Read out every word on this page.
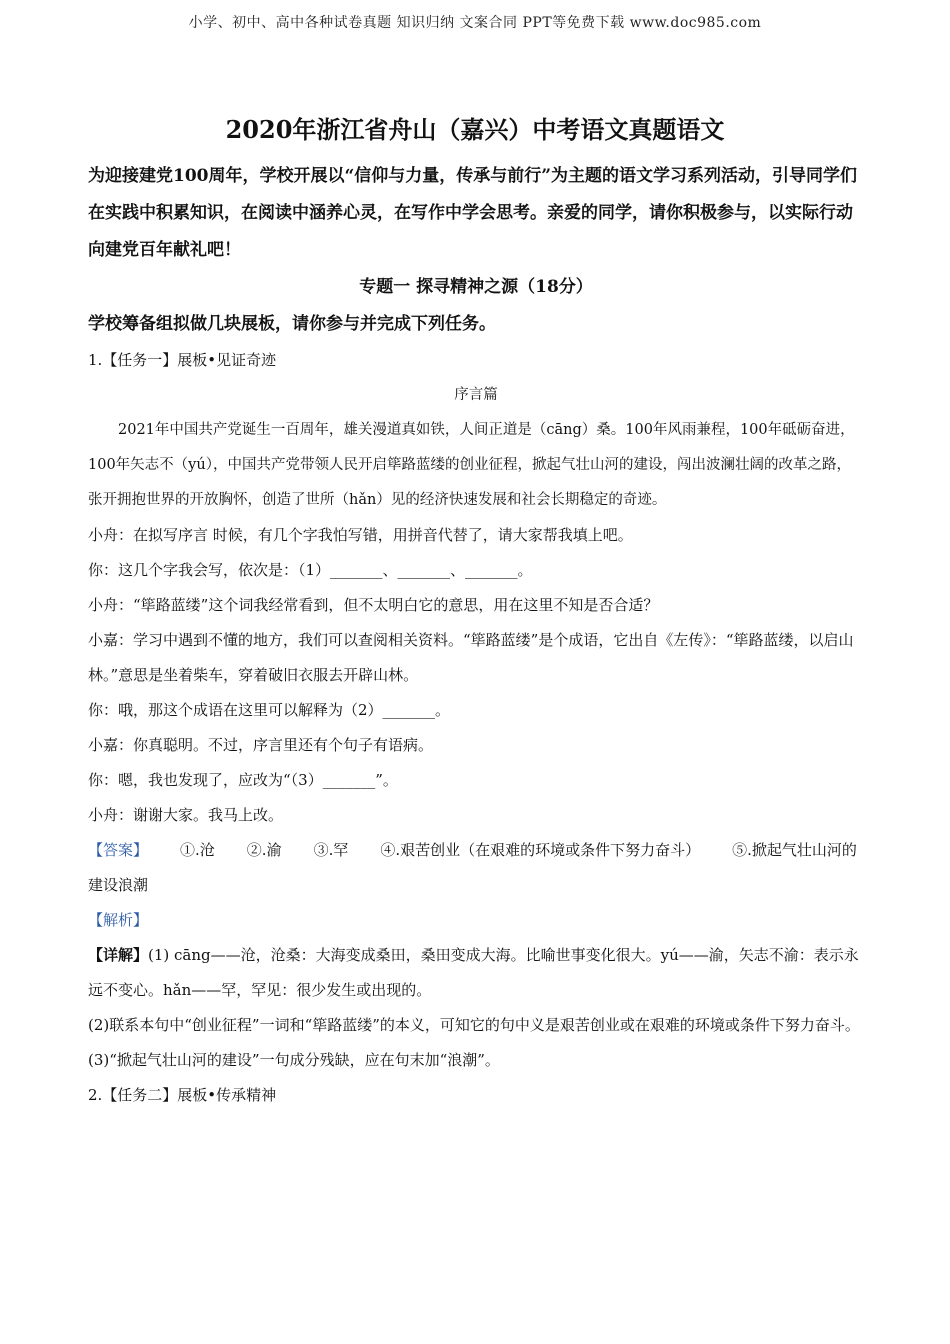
小学、初中、高中各种试卷真题 知识归纳 文案合同 PPT等免费下载 www.doc985.com
2020年浙江省舟山（嘉兴）中考语文真题语文
为迎接建党100周年，学校开展以“信仰与力量，传承与前行”为主题的语文学习系列活动，引导同学们在实践中积累知识，在阅读中涵养心灵，在写作中学会思考。亲爱的同学，请你积极参与，以实际行动向建党百年献礼吧！
专题一 探寻精神之源（18分）
学校筹备组拟做几块展板，请你参与并完成下列任务。
1.【任务一】展板•见证奇迹
序言篇
2021年中国共产党诞生一百周年，雄关漫道真如铁，人间正道是（cāng）桑。100年风雨兼程，100年砥砺奋进，100年矢志不（yú），中国共产党带领人民开启筚路蓝缕的创业征程，掀起气壮山河的建设，闯出波澜壮阔的改革之路，张开拥抱世界的开放胸怀，创造了世所（hǎn）见的经济快速发展和社会长期稳定的奇迹。
小舟：在拟写序言 时候，有几个字我怕写错，用拼音代替了，请大家帮我填上吧。
你：这几个字我会写，依次是：（1）_______、_______、_______。
小舟：“筚路蓝缕”这个词我经常看到，但不太明白它的意思，用在这里不知是否合适？
小嘉：学习中遇到不懂的地方，我们可以查阅相关资料。“筚路蓝缕”是个成语，它出自《左传》：“筚路蓝缕，以启山林。”意思是坐着柴车，穿着破旧衣服去开辟山林。
你：哦，那这个成语在这里可以解释为（2）_______。
小嘉：你真聪明。不过，序言里还有个句子有语病。
你：嗯，我也发现了，应改为“（3）_______”。
小舟：谢谢大家。我马上改。
【答案】 ①.沧 ②.渝 ③.罕 ④.艰苦创业（在艰难的环境或条件下努力奋斗） ⑤.掀起气壮山河的建设浪潮
【解析】
【详解】(1) cāng——沧，沧桑：大海变成桑田，桑田变成大海。比喻世事变化很大。yú——渝，矢志不渝：表示永远不变心。hǎn——罕，罕见：很少发生或出现的。
(2)联系本句中“创业征程”一词和“筚路蓝缕”的本义，可知它的句中义是艰苦创业或在艰难的环境或条件下努力奋斗。
(3)“掀起气壮山河的建设”一句成分残缺，应在句末加“浪潮”。
2.【任务二】展板•传承精神
